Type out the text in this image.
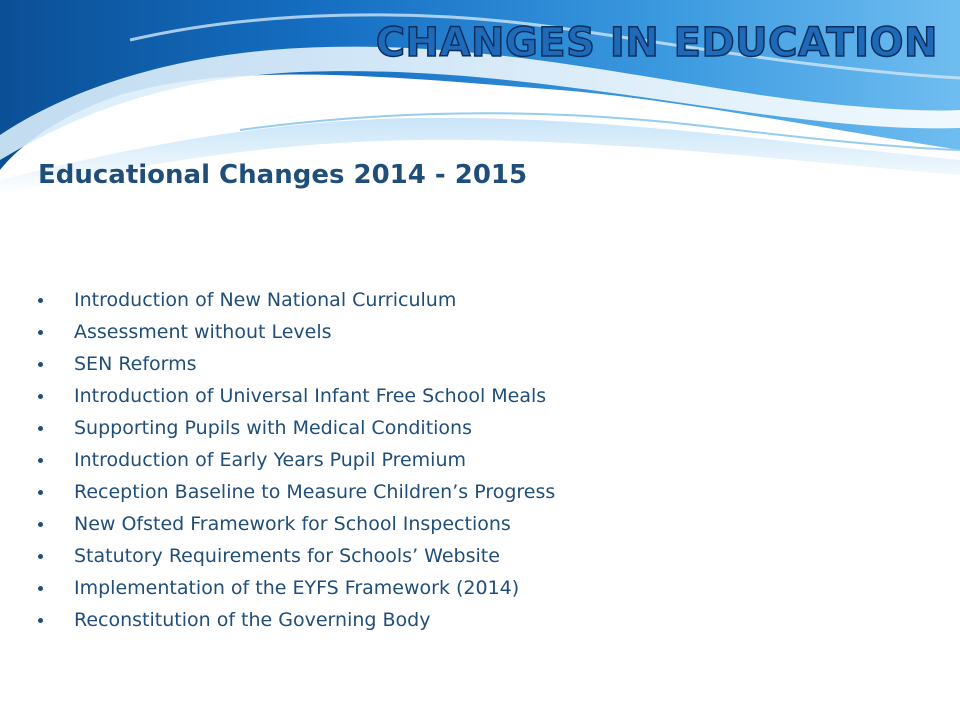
CHANGES IN EDUCATION
Educational Changes 2014 - 2015
Introduction of New National Curriculum
Assessment without Levels
SEN Reforms
Introduction of Universal Infant Free School Meals
Supporting Pupils with Medical Conditions
Introduction of Early Years Pupil Premium
Reception Baseline to Measure Children’s Progress
New Ofsted Framework for School Inspections
Statutory Requirements for Schools’ Website
Implementation of the EYFS Framework (2014)
Reconstitution of the Governing Body
